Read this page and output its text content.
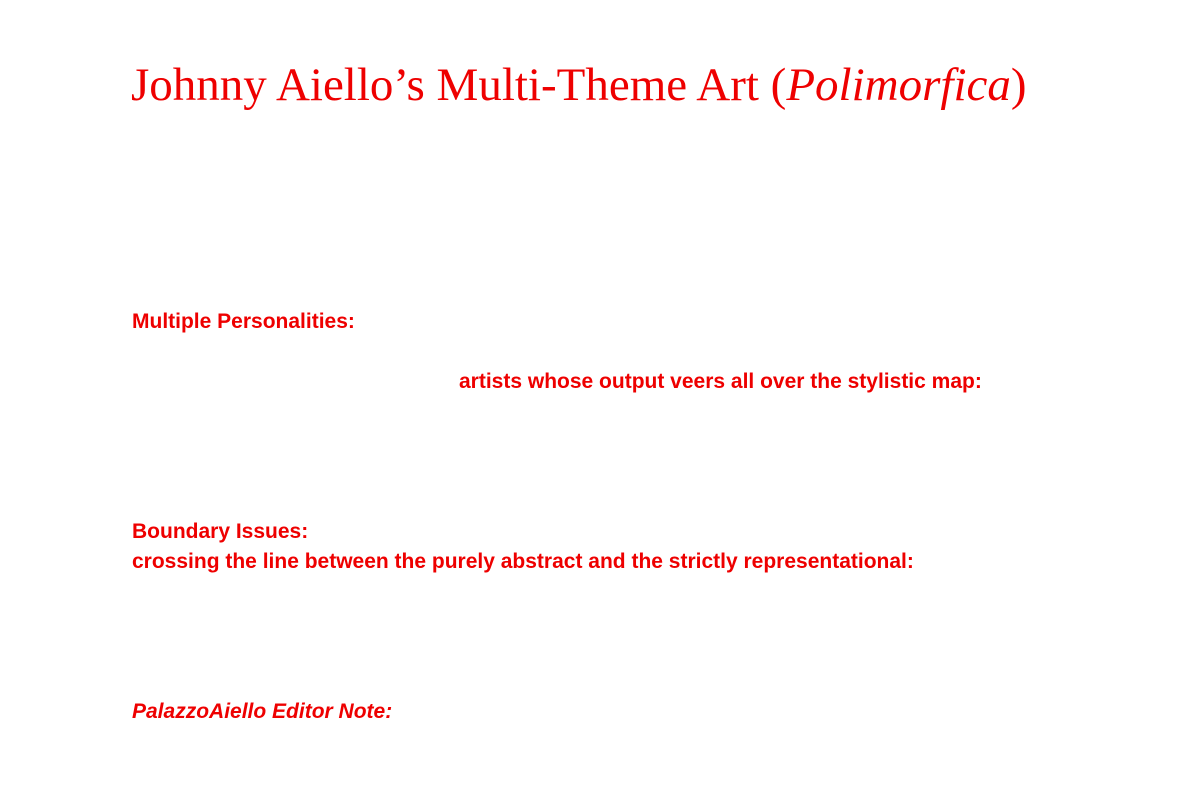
Johnny Aiello’s Multi-Theme Art (Polimorfica)

Multiple Personalities:

artists whose output veers all over the stylistic map:

Boundary Issues:

crossing the line between the purely abstract and the strictly representational:

PalazzoAiello Editor Note:
